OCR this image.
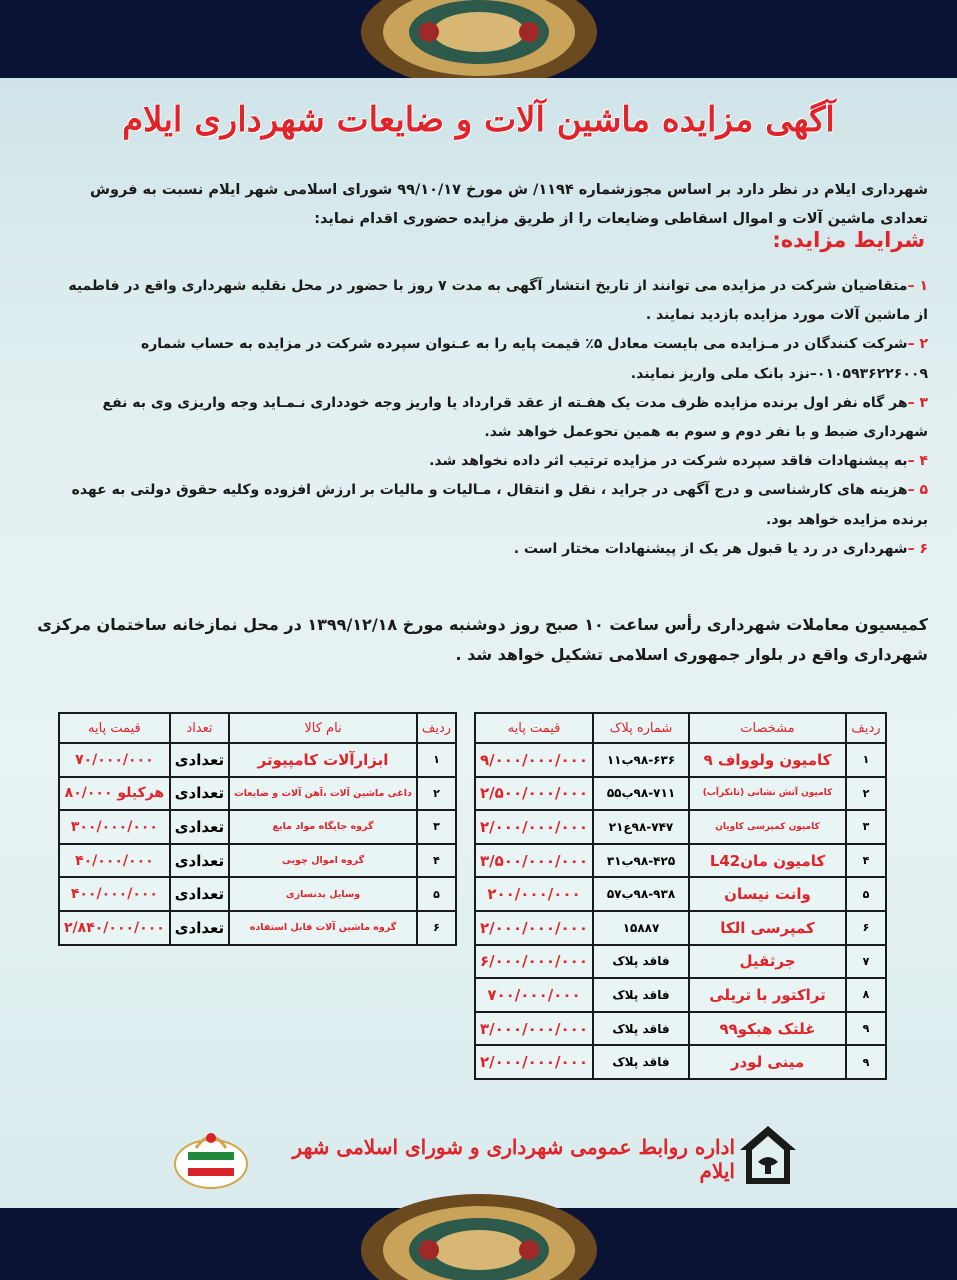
آگهی مزایده ماشین آلات و ضایعات شهرداری ایلام
شهرداری ایلام در نظر دارد بر اساس مجوزشماره ۱۱۹۴/ ش مورخ ۹۹/۱۰/۱۷ شورای اسلامی شهر ایلام نسبت به فروش تعدادی ماشین آلات و اموال اسقاطی وضایعات را از طریق مزایده حضوری اقدام نماید:
شرایط مزایده:

۱ –متقاضیان شرکت در مزایده می توانند از تاریخ انتشار آگهی به مدت ۷ روز با حضور در محل نقلیه شهرداری واقع در فاطمیه از ماشین آلات مورد مزایده بازدید نمایند .

۲ –شرکت کنندگان در مـزایده می بایست معادل ۵٪ قیمت پایه را به عـنوان سپرده شرکت در مزایده به حساب شماره ۰۱۰۵۹۳۶۲۲۶۰۰۹–نزد بانک ملی واریز نمایند.

۳ –هر گاه نفر اول برنده مزایده ظرف مدت یک هفـته از عقد قرارداد یا واریز وجه خودداری نـمـاید وجه واریزی وی به نفع شهرداری ضبط و با نفر دوم و سوم به همین نحوعمل خواهد شد.

۴ –به پیشنهادات فاقد سپرده شرکت در مزایده ترتیب اثر داده نخواهد شد.

۵ –هزینه های کارشناسی و درج آگهی در جراید ، نقل و انتقال ، مـالیات و مالیات بر ارزش افزوده وکلیه حقوق دولتی به عهده برنده مزایده خواهد بود.

۶ –شهرداری در رد یا قبول هر یک از پیشنهادات مختار است .

کمیسیون معاملات شهرداری رأس ساعت ۱۰ صبح روز دوشنبه مورخ ۱۳۹۹/۱۲/۱۸ در محل نمازخانه ساختمان مرکزی شهرداری واقع در بلوار جمهوری اسلامی تشکیل خواهد شد .
ردیف	مشخصات	شماره پلاک	قیمت پایه
۱	کامیون ولوواف ۹	۹۸-۶۳۶ب۱۱	۹/۰۰۰/۰۰۰/۰۰۰
۲	کامیون آتش نشانی (تانکرآب)	۹۸-۷۱۱ب۵۵	۲/۵۰۰/۰۰۰/۰۰۰
۳	کامیون کمپرسی کاویان	۹۸-۷۴۷ع۲۱	۲/۰۰۰/۰۰۰/۰۰۰
۴	کامیون مانL42	۹۸-۴۲۵ب۳۱	۳/۵۰۰/۰۰۰/۰۰۰
۵	وانت نیسان	۹۸-۹۳۸ب۵۷	۲۰۰/۰۰۰/۰۰۰
۶	کمپرسی الکا	۱۵۸۸۷	۲/۰۰۰/۰۰۰/۰۰۰
۷	جرثقیل	فاقد پلاک	۶/۰۰۰/۰۰۰/۰۰۰
۸	تراکتور با تریلی	فاقد پلاک	۷۰۰/۰۰۰/۰۰۰
۹	غلتک هبکو۹۹	فاقد پلاک	۳/۰۰۰/۰۰۰/۰۰۰
۹	مینی لودر	فاقد پلاک	۲/۰۰۰/۰۰۰/۰۰۰
ردیف	نام کالا	تعداد	قیمت پایه
۱	ابزارآلات کامپیوتر	تعدادی	۷۰/۰۰۰/۰۰۰
۲	داغی ماشین آلات ،آهن آلات و ضایعات	تعدادی	هرکیلو ۸۰/۰۰۰
۳	گروه جایگاه مواد مایع	تعدادی	۳۰۰/۰۰۰/۰۰۰
۴	گروه اموال چوبی	تعدادی	۴۰/۰۰۰/۰۰۰
۵	وسایل بدنسازی	تعدادی	۴۰۰/۰۰۰/۰۰۰
۶	گروه ماشین آلات قابل استفاده	تعدادی	۲/۸۴۰/۰۰۰/۰۰۰
اداره روابط عمومی شهرداری و شورای اسلامی شهر ایلام
